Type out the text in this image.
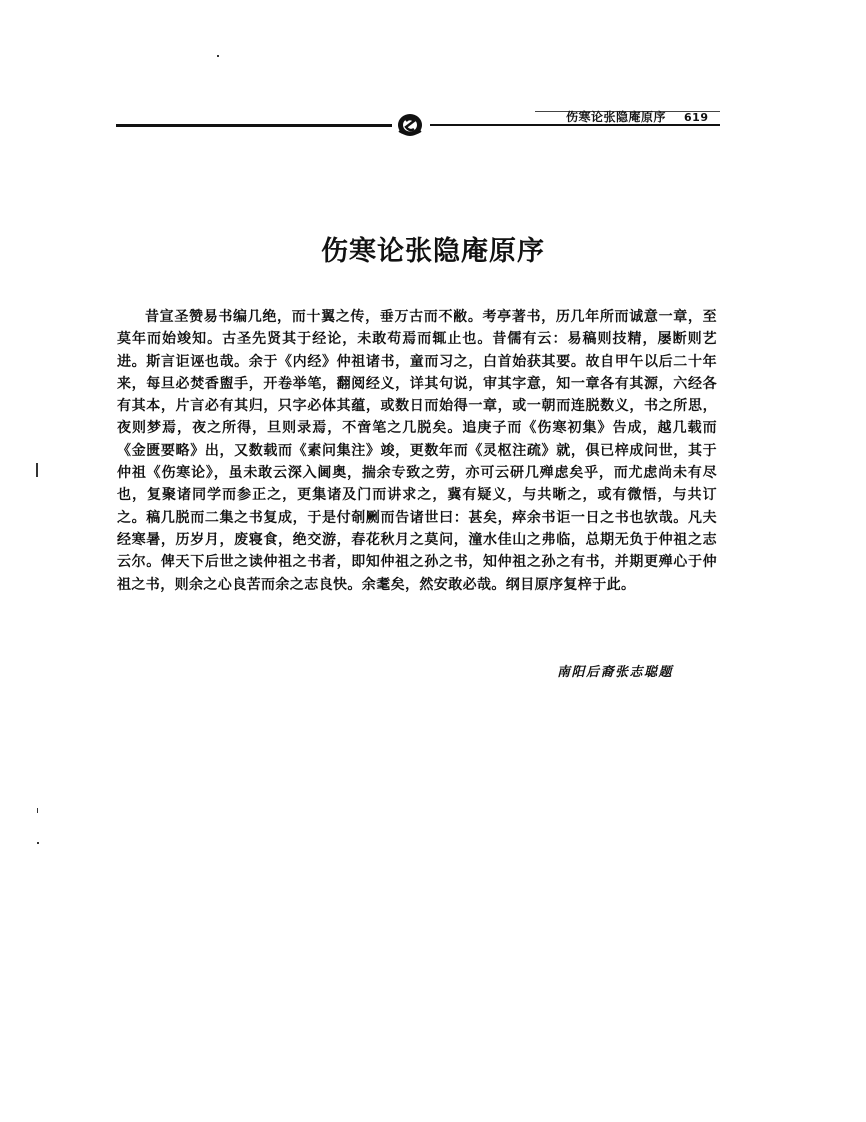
伤寒论张隐庵原序 619
伤寒论张隐庵原序
昔宣圣赞易书编几绝，而十翼之传，垂万古而不敝。考亭著书，历几年所而诚意一章，至莫年而始竣知。古圣先贤其于经论，未敢苟焉而辄止也。昔儒有云：易稿则技精，屡断则艺进。斯言讵诬也哉。余于《内经》仲祖诸书，童而习之，白首始获其要。故自甲午以后二十年来，每旦必焚香盥手，开卷举笔，翻阅经义，详其句说，审其字意，知一章各有其源，六经各有其本，片言必有其归，只字必体其蕴，或数日而始得一章，或一朝而连脱数义，书之所思，夜则梦焉，夜之所得，旦则录焉，不啻笔之几脱矣。追庚子而《伤寒初集》告成，越几载而《金匮要略》出，又数载而《素问集注》竣，更数年而《灵枢注疏》就，俱已梓成问世，其于仲祖《伤寒论》，虽未敢云深入阃奥，揣余专致之劳，亦可云研几殚虑矣乎，而尤虑尚未有尽也，复聚诸同学而参正之，更集诸及门而讲求之，冀有疑义，与共晰之，或有微悟，与共订之。稿几脱而二集之书复成，于是付剞劂而告诸世曰：甚矣，瘁余书讵一日之书也欤哉。凡夫经寒暑，历岁月，废寝食，绝交游，春花秋月之莫问，潼水佳山之弗临，总期无负于仲祖之志云尔。俾天下后世之读仲祖之书者，即知仲祖之孙之书，知仲祖之孙之有书，并期更殚心于仲祖之书，则余之心良苦而余之志良快。余耄矣，然安敢必哉。纲目原序复梓于此。
南阳后裔张志聪题
